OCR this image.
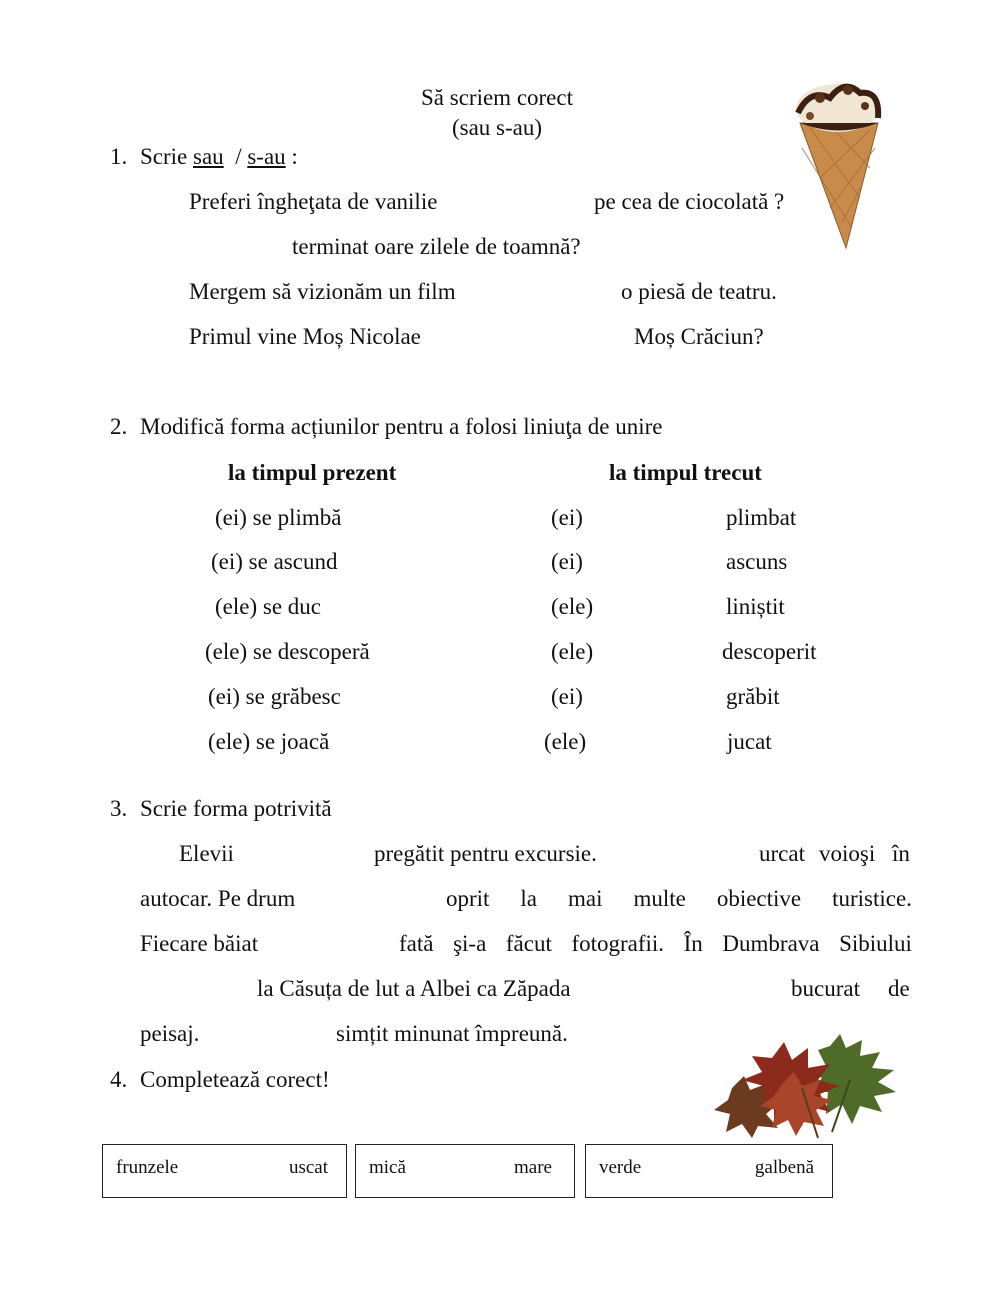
Să scriem corect
(sau s-au)
1. Scrie sau / s-au :
Preferi îngheţata de vanilie	pe cea de ciocolată ?
terminat oare zilele de toamnă?
Mergem să vizionăm un film	o piesă de teatru.
Primul vine Moș Nicolae	Moș Crăciun?
2. Modifică forma acțiunilor pentru a folosi liniuţa de unire
la timpul prezent	la timpul trecut
(ei) se plimbă	(ei)	plimbat
(ei) se ascund	(ei)	ascuns
(ele) se duc	(ele)	liniștit
(ele) se descoperă	(ele)	descoperit
(ei) se grăbesc	(ei)	grăbit
(ele) se joacă	(ele)	jucat
3. Scrie forma potrivită
Elevii	pregătit pentru excursie.	urcat voioşi în
autocar. Pe drum	oprit la mai multe obiective turistice.
Fiecare băiat	fată şi-a făcut fotografii. În Dumbrava Sibiului
la Căsuța de lut a Albei ca Zăpada	bucurat de
peisaj.	simțit minunat împreună.
4. Completează corect!
frunzele	uscat mică	mare verde	galbenă
